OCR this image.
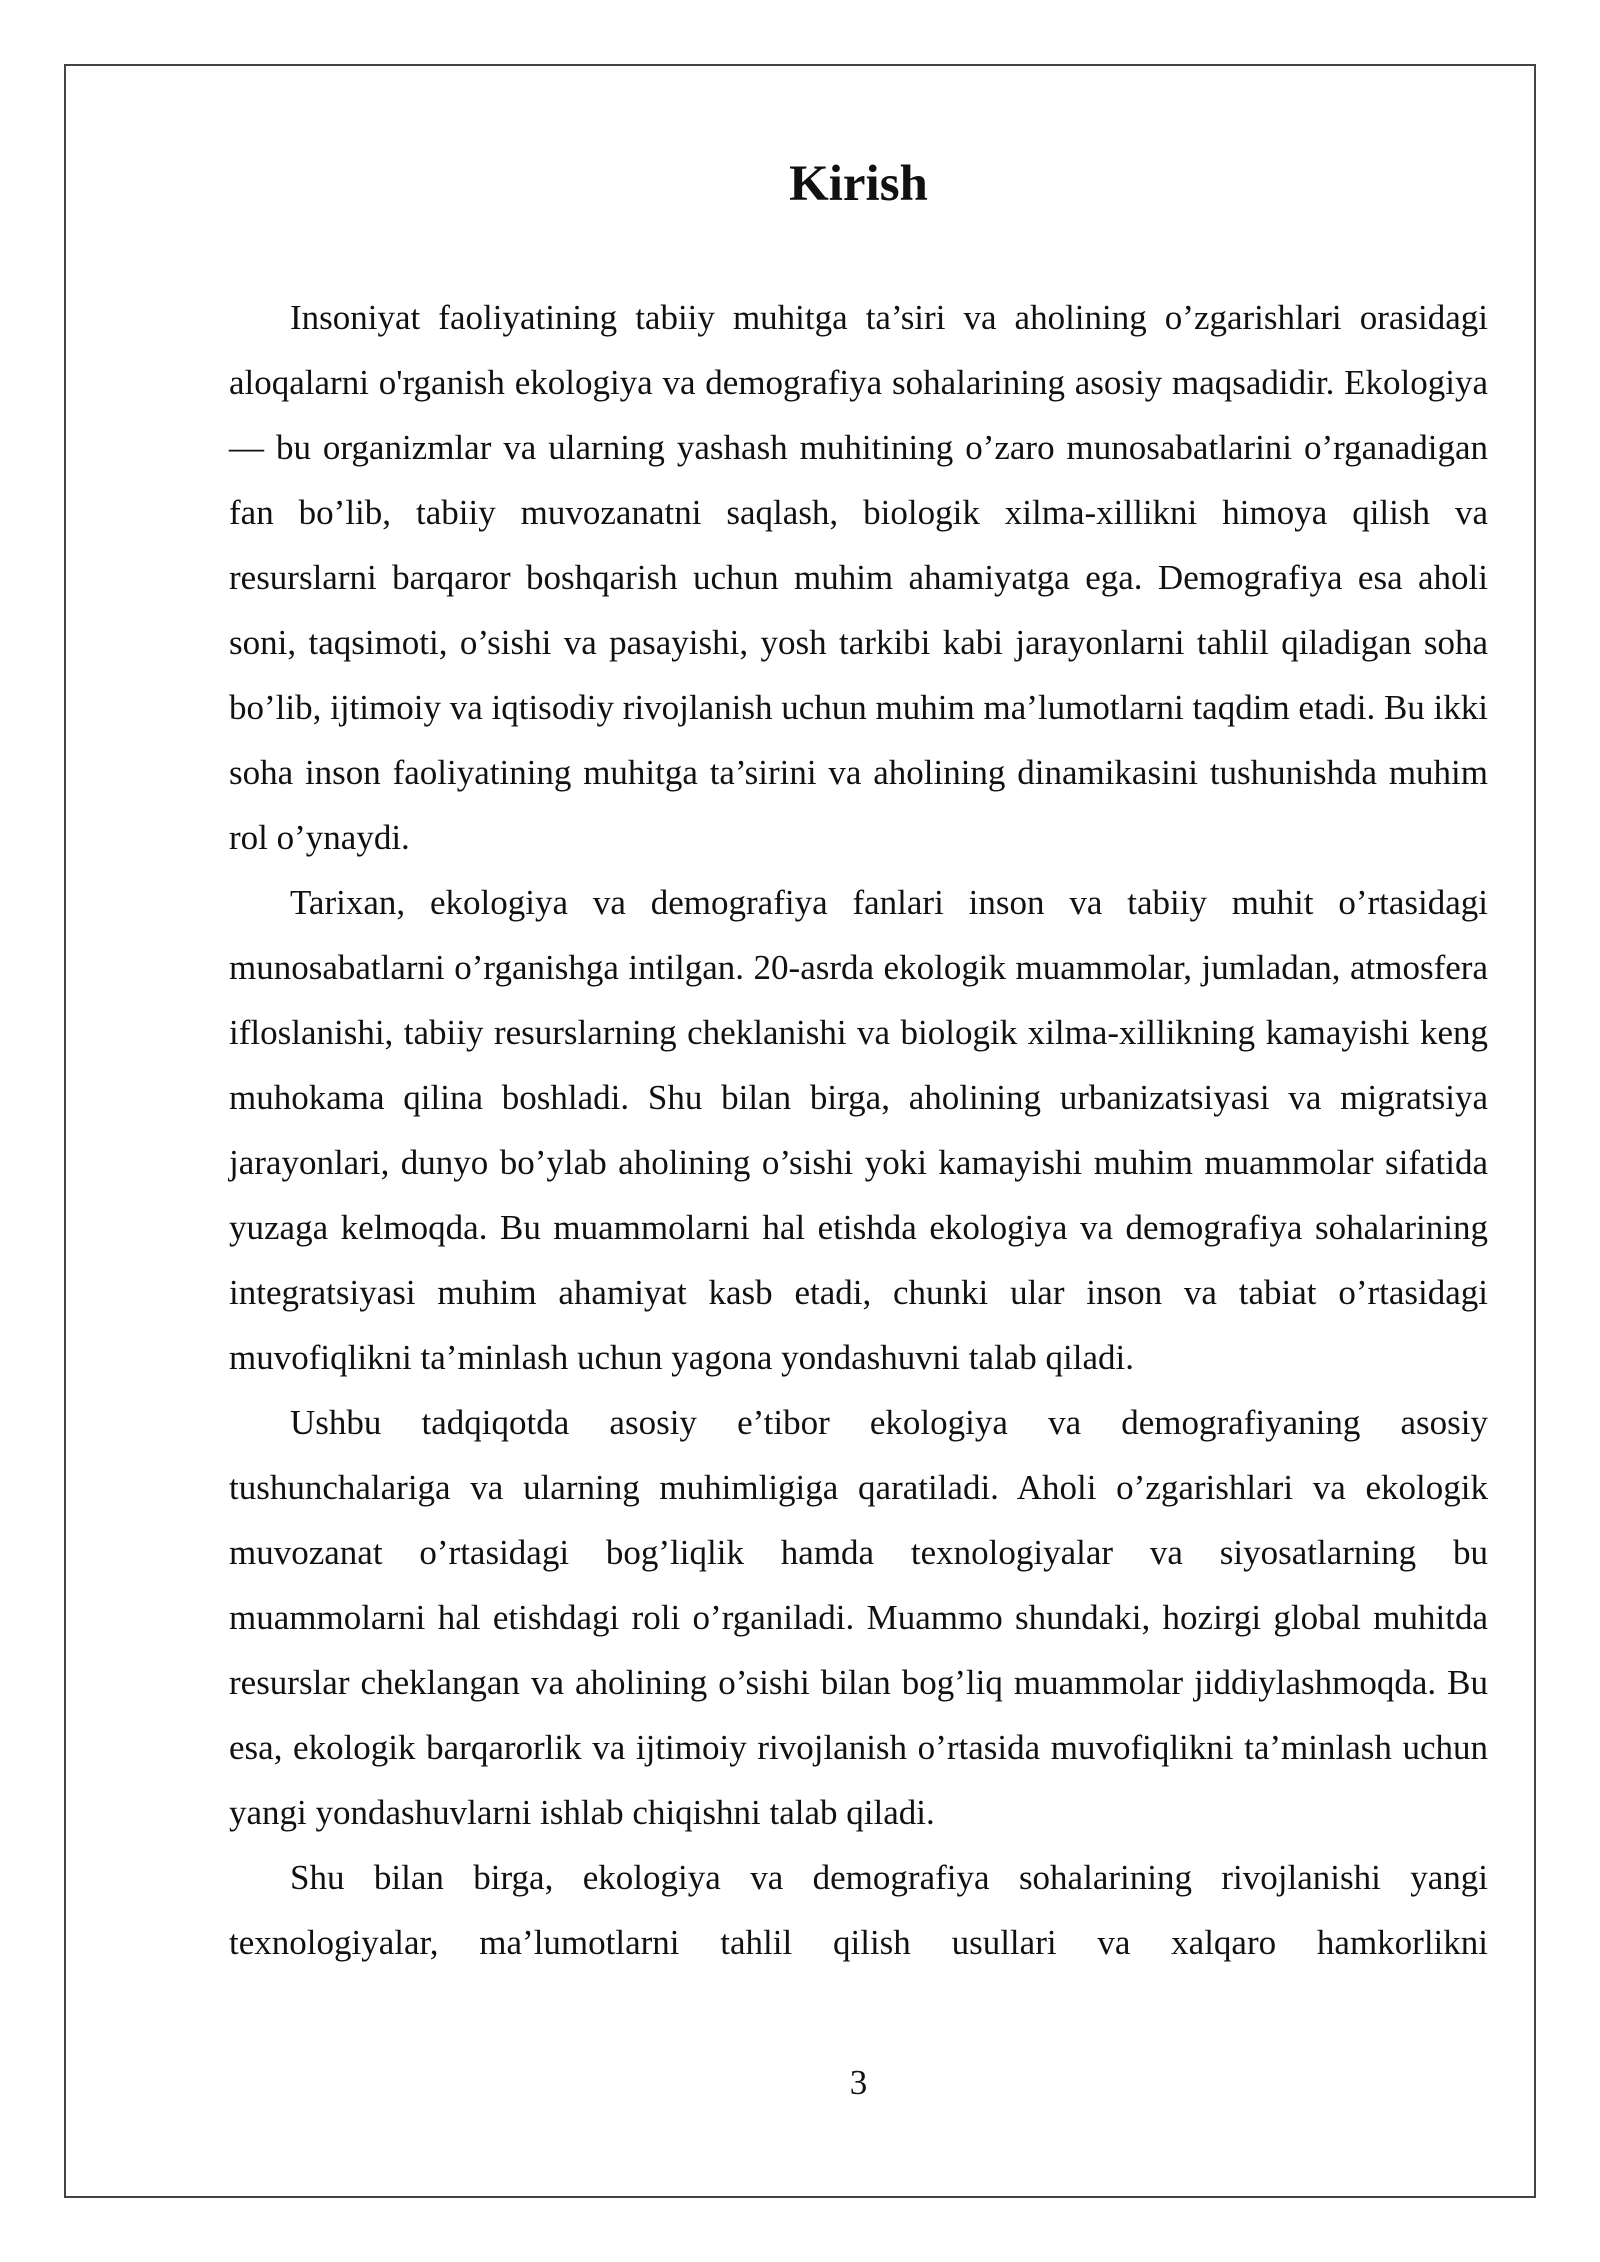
Kirish

Insoniyat faoliyatining tabiiy muhitga ta’siri va aholining o’zgarishlari orasidagi aloqalarni o'rganish ekologiya va demografiya sohalarining asosiy maqsadidir. Ekologiya — bu organizmlar va ularning yashash muhitining o’zaro munosabatlarini o’rganadigan fan bo’lib, tabiiy muvozanatni saqlash, biologik xilma-xillikni himoya qilish va resurslarni barqaror boshqarish uchun muhim ahamiyatga ega. Demografiya esa aholi soni, taqsimoti, o’sishi va pasayishi, yosh tarkibi kabi jarayonlarni tahlil qiladigan soha bo’lib, ijtimoiy va iqtisodiy rivojlanish uchun muhim ma’lumotlarni taqdim etadi. Bu ikki soha inson faoliyatining muhitga ta’sirini va aholining dinamikasini tushunishda muhim rol o’ynaydi.

Tarixan, ekologiya va demografiya fanlari inson va tabiiy muhit o’rtasidagi munosabatlarni o’rganishga intilgan. 20-asrda ekologik muammolar, jumladan, atmosfera ifloslanishi, tabiiy resurslarning cheklanishi va biologik xilma-xillikning kamayishi keng muhokama qilina boshladi. Shu bilan birga, aholining urbanizatsiyasi va migratsiya jarayonlari, dunyo bo’ylab aholining o’sishi yoki kamayishi muhim muammolar sifatida yuzaga kelmoqda. Bu muammolarni hal etishda ekologiya va demografiya sohalarining integratsiyasi muhim ahamiyat kasb etadi, chunki ular inson va tabiat o’rtasidagi muvofiqlikni ta’minlash uchun yagona yondashuvni talab qiladi.

Ushbu tadqiqotda asosiy e’tibor ekologiya va demografiyaning asosiy tushunchalariga va ularning muhimligiga qaratiladi. Aholi o’zgarishlari va ekologik muvozanat o’rtasidagi bog’liqlik hamda texnologiyalar va siyosatlarning bu muammolarni hal etishdagi roli o’rganiladi. Muammo shundaki, hozirgi global muhitda resurslar cheklangan va aholining o’sishi bilan bog’liq muammolar jiddiylashmoqda. Bu esa, ekologik barqarorlik va ijtimoiy rivojlanish o’rtasida muvofiqlikni ta’minlash uchun yangi yondashuvlarni ishlab chiqishni talab qiladi.

Shu bilan birga, ekologiya va demografiya sohalarining rivojlanishi yangi texnologiyalar, ma’lumotlarni tahlil qilish usullari va xalqaro hamkorlikni

3
